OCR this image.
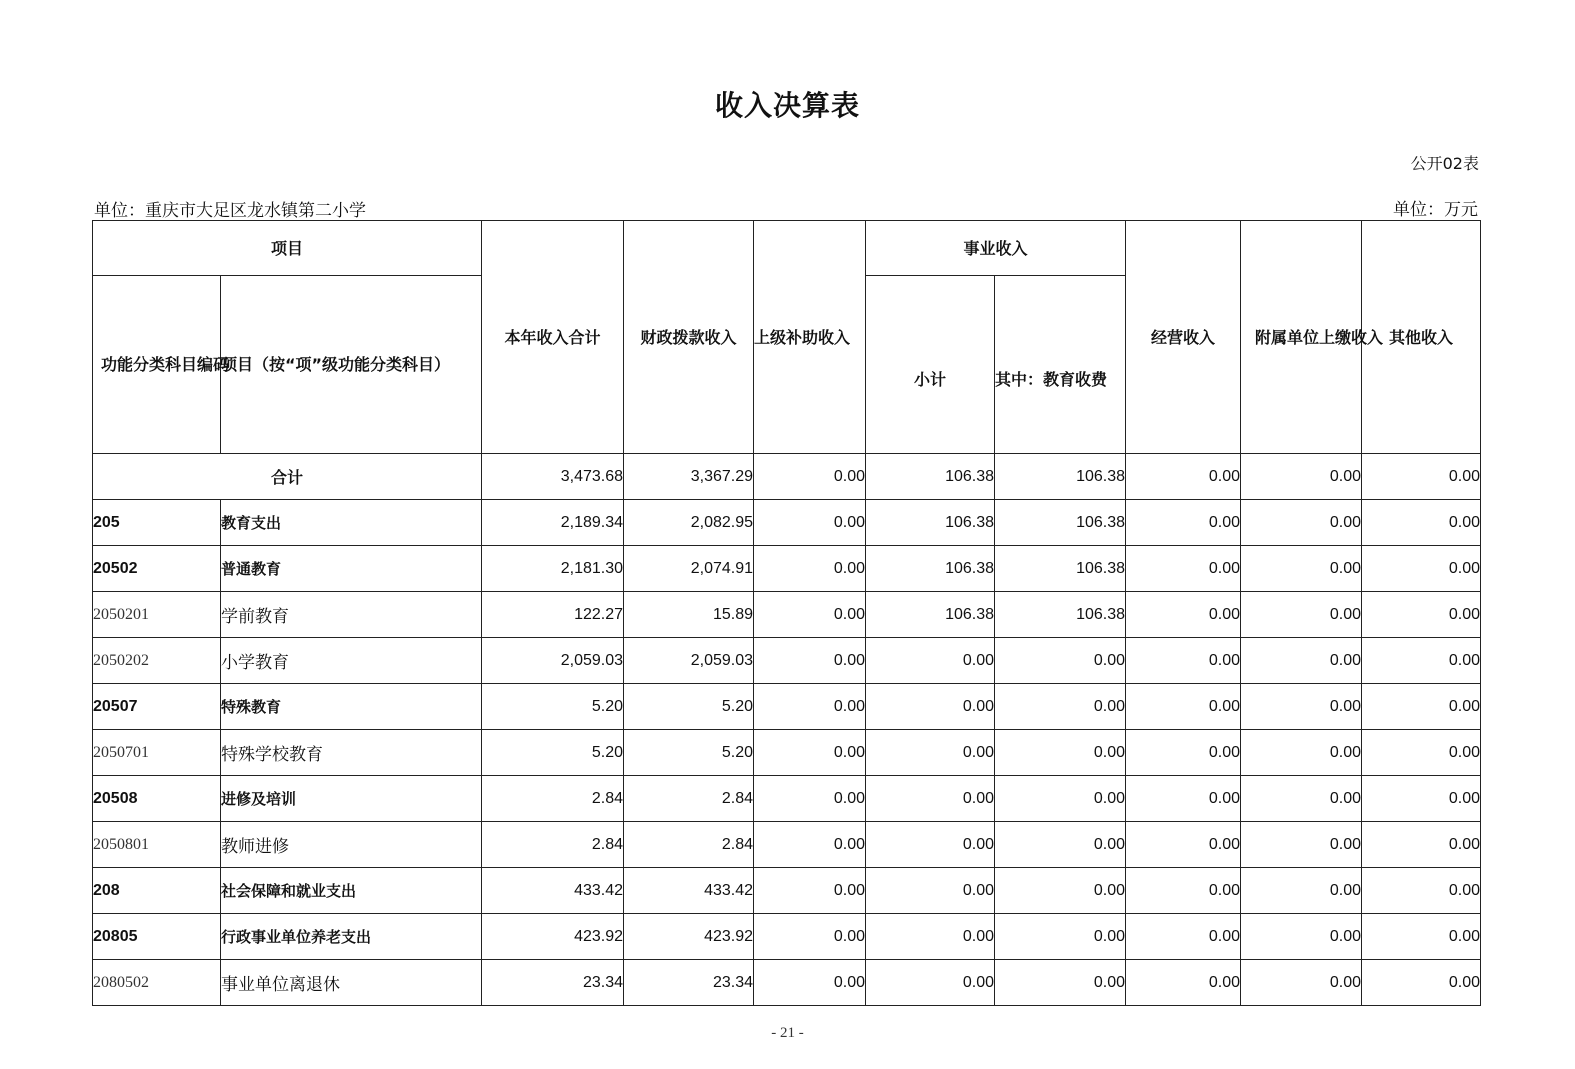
收入决算表
公开02表
单位：重庆市大足区龙水镇第二小学	单位：万元
项目		本年收入合计	财政拨款收入	上级补助收入	事业收入		经营收入	附属单位上缴收入	其他收入
功能分类科目编码	项目（按“项”级功能分类科目）				小计	其中：教育收费			

合计		3,473.68	3,367.29	0.00	106.38	106.38	0.00	0.00	0.00
205	教育支出	2,189.34	2,082.95	0.00	106.38	106.38	0.00	0.00	0.00
20502	普通教育	2,181.30	2,074.91	0.00	106.38	106.38	0.00	0.00	0.00
2050201	学前教育	122.27	15.89	0.00	106.38	106.38	0.00	0.00	0.00
2050202	小学教育	2,059.03	2,059.03	0.00	0.00	0.00	0.00	0.00	0.00
20507	特殊教育	5.20	5.20	0.00	0.00	0.00	0.00	0.00	0.00
2050701	特殊学校教育	5.20	5.20	0.00	0.00	0.00	0.00	0.00	0.00
20508	进修及培训	2.84	2.84	0.00	0.00	0.00	0.00	0.00	0.00
2050801	教师进修	2.84	2.84	0.00	0.00	0.00	0.00	0.00	0.00
208	社会保障和就业支出	433.42	433.42	0.00	0.00	0.00	0.00	0.00	0.00
20805	行政事业单位养老支出	423.92	423.92	0.00	0.00	0.00	0.00	0.00	0.00
2080502	事业单位离退休	23.34	23.34	0.00	0.00	0.00	0.00	0.00	0.00
- 21 -
